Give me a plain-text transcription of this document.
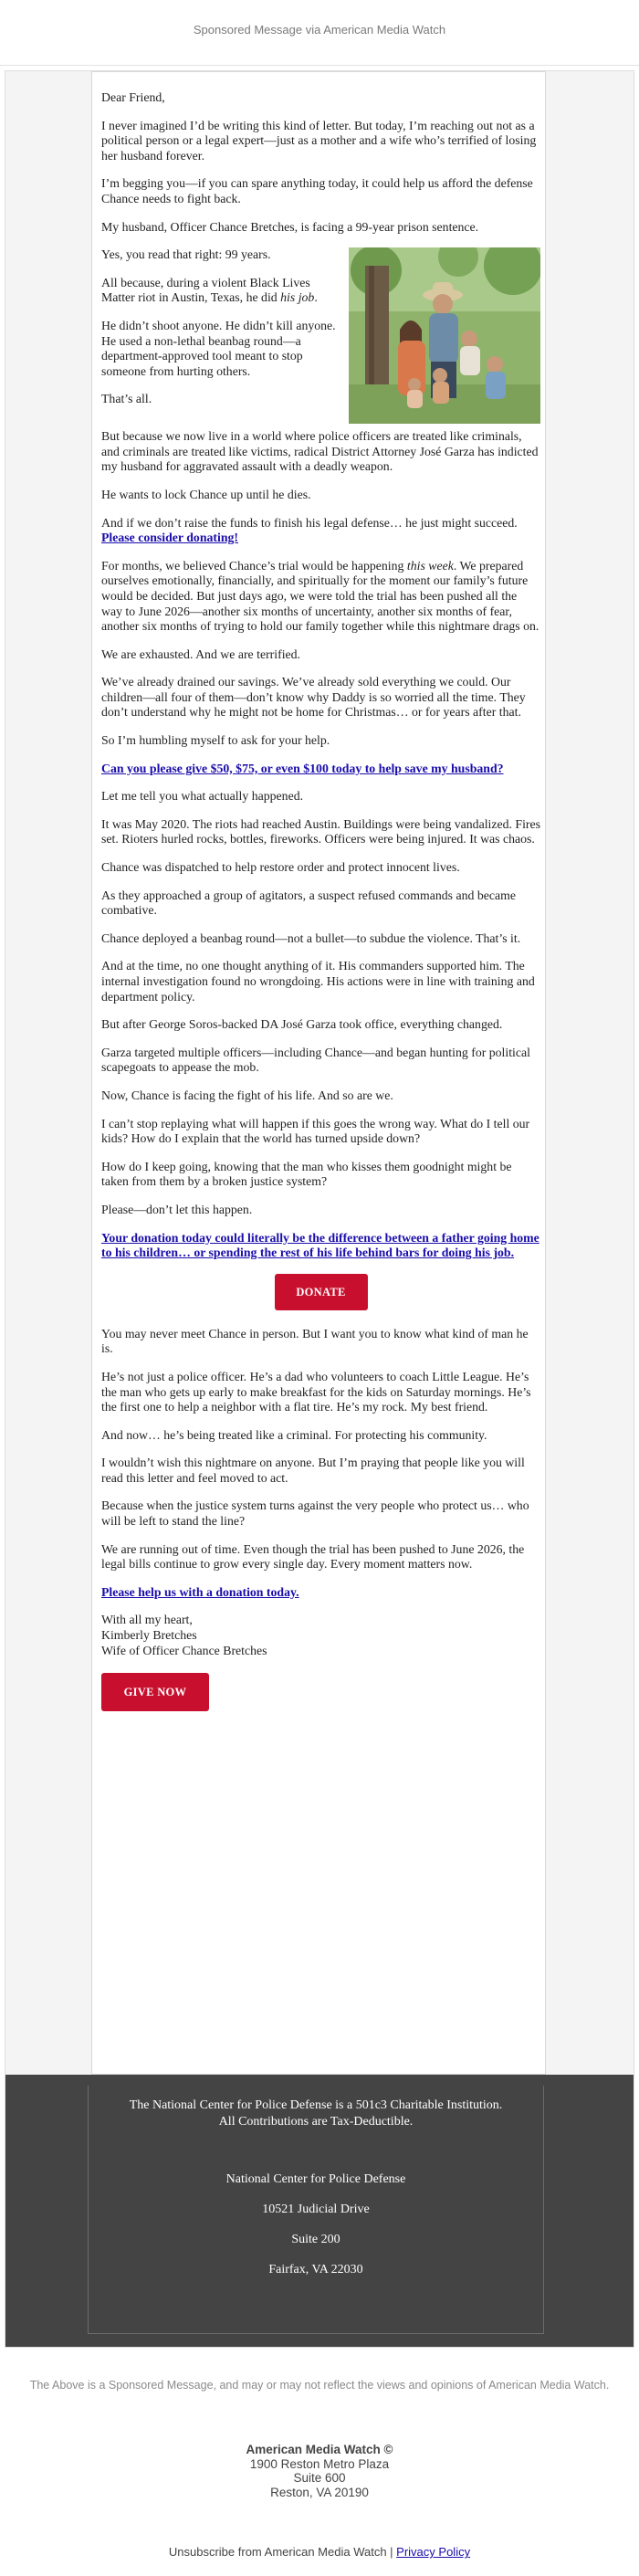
Sponsored Message via American Media Watch

Dear Friend,

I never imagined I’d be writing this kind of letter. But today, I’m reaching out not as a political person or a legal expert—just as a mother and a wife who’s terrified of losing her husband forever.

I’m begging you—if you can spare anything today, it could help us afford the defense Chance needs to fight back.

My husband, Officer Chance Bretches, is facing a 99-year prison sentence.

Yes, you read that right: 99 years.

All because, during a violent Black Lives Matter riot in Austin, Texas, he did his job.

He didn’t shoot anyone. He didn’t kill anyone. He used a non-lethal beanbag round—a department-approved tool meant to stop someone from hurting others.

That’s all.

But because we now live in a world where police officers are treated like criminals, and criminals are treated like victims, radical District Attorney José Garza has indicted my husband for aggravated assault with a deadly weapon.

He wants to lock Chance up until he dies.

And if we don’t raise the funds to finish his legal defense… he just might succeed. Please consider donating!

For months, we believed Chance’s trial would be happening this week. We prepared ourselves emotionally, financially, and spiritually for the moment our family’s future would be decided. But just days ago, we were told the trial has been pushed all the way to June 2026—another six months of uncertainty, another six months of fear, another six months of trying to hold our family together while this nightmare drags on.

We are exhausted. And we are terrified.

We’ve already drained our savings. We’ve already sold everything we could. Our children—all four of them—don’t know why Daddy is so worried all the time. They don’t understand why he might not be home for Christmas… or for years after that.

So I’m humbling myself to ask for your help.

Can you please give $50, $75, or even $100 today to help save my husband?

Let me tell you what actually happened.

It was May 2020. The riots had reached Austin. Buildings were being vandalized. Fires set. Rioters hurled rocks, bottles, fireworks. Officers were being injured. It was chaos.

Chance was dispatched to help restore order and protect innocent lives.

As they approached a group of agitators, a suspect refused commands and became combative.

Chance deployed a beanbag round—not a bullet—to subdue the violence. That’s it.

And at the time, no one thought anything of it. His commanders supported him. The internal investigation found no wrongdoing. His actions were in line with training and department policy.

But after George Soros-backed DA José Garza took office, everything changed.

Garza targeted multiple officers—including Chance—and began hunting for political scapegoats to appease the mob.

Now, Chance is facing the fight of his life. And so are we.

I can’t stop replaying what will happen if this goes the wrong way. What do I tell our kids? How do I explain that the world has turned upside down?

How do I keep going, knowing that the man who kisses them goodnight might be taken from them by a broken justice system?

Please—don’t let this happen.

Your donation today could literally be the difference between a father going home to his children… or spending the rest of his life behind bars for doing his job.

DONATE

You may never meet Chance in person. But I want you to know what kind of man he is.

He’s not just a police officer. He’s a dad who volunteers to coach Little League. He’s the man who gets up early to make breakfast for the kids on Saturday mornings. He’s the first one to help a neighbor with a flat tire. He’s my rock. My best friend.

And now… he’s being treated like a criminal. For protecting his community.

I wouldn’t wish this nightmare on anyone. But I’m praying that people like you will read this letter and feel moved to act.

Because when the justice system turns against the very people who protect us… who will be left to stand the line?

We are running out of time. Even though the trial has been pushed to June 2026, the legal bills continue to grow every single day. Every moment matters now.

Please help us with a donation today.

With all my heart,

Kimberly Bretches

Wife of Officer Chance Bretches

GIVE NOW

The National Center for Police Defense is a 501c3 Charitable Institution.

All Contributions are Tax-Deductible.

National Center for Police Defense

10521 Judicial Drive

Suite 200

Fairfax, VA 22030

The Above is a Sponsored Message, and may or may not reflect the views and opinions of American Media Watch.
American Media Watch ©
1900 Reston Metro Plaza
Suite 600
Reston, VA 20190
Unsubscribe from American Media Watch | Privacy Policy
